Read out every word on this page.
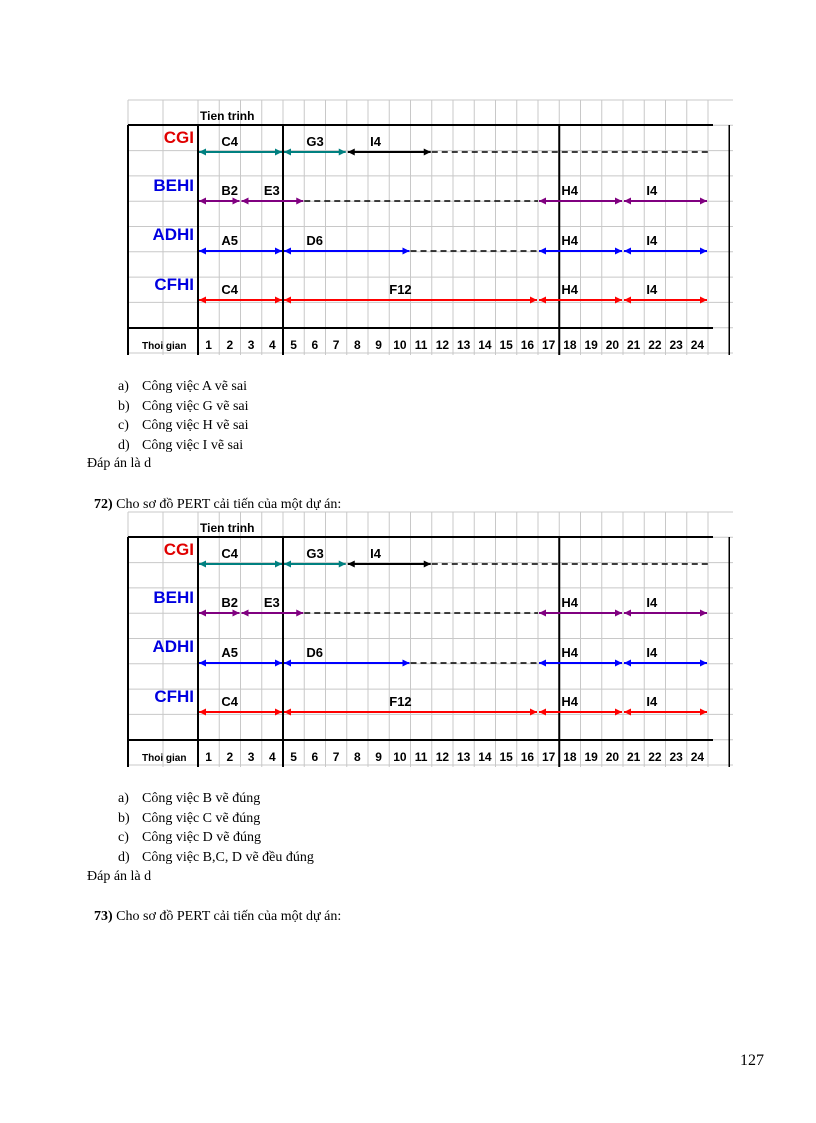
Tien trinh
Thoi gian 1 2 3 4 5 6 7 8 9 10 11 12 13 14 15 16 17 18 19 20 21 22 23 24
CGI C4	G3	I4
BEHI B2 E3	H4	I4
ADHI A5	D6	H4	I4
CFHI C4	F12	H4	I4
a) Công việc A vẽ sai
b) Công việc G vẽ sai
c) Công việc H vẽ sai
d) Công việc I vẽ sai
Đáp án là d
72) Cho sơ đồ PERT cải tiến của một dự án:
Tien trinh
Thoi gian 1 2 3 4 5 6 7 8 9 10 11 12 13 14 15 16 17 18 19 20 21 22 23 24
CGI C4	G3	I4
BEHI B2 E3	H4	I4
ADHI A5	D6	H4	I4
CFHI C4	F12	H4	I4
a) Công việc B vẽ đúng
b) Công việc C vẽ đúng
c) Công việc D vẽ đúng
d) Công việc B,C, D vẽ đều đúng
Đáp án là d
73) Cho sơ đồ PERT cải tiến của một dự án:
127
